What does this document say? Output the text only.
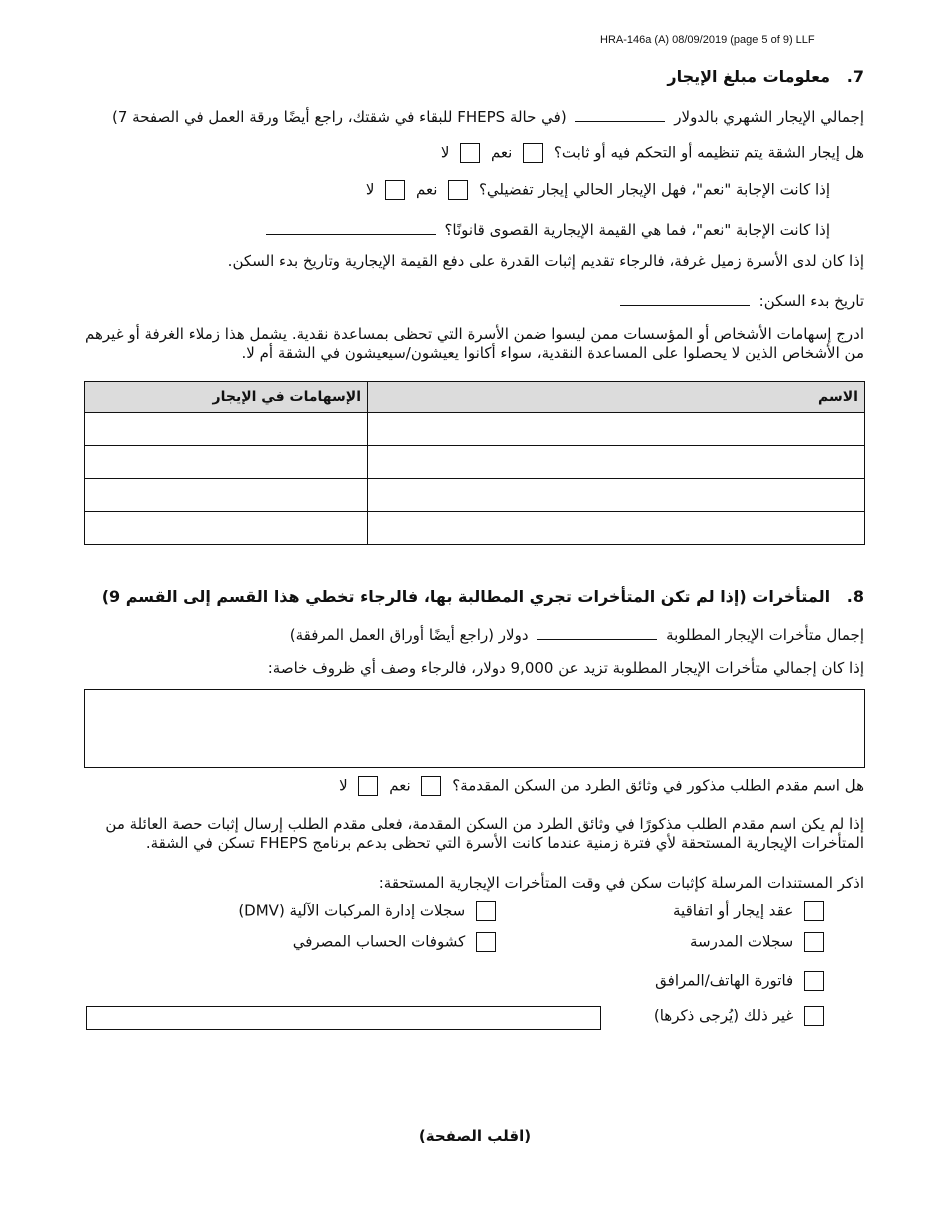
HRA-146a (A) 08/09/2019 (page 5 of 9) LLF
7.   معلومات مبلغ الإيجار
إجمالي الإيجار الشهري بالدولار  (في حالة FHEPS للبقاء في شقتك، راجع أيضًا ورقة العمل في الصفحة 7)
هل إيجار الشقة يتم تنظيمه أو التحكم فيه أو ثابت؟  نعم  لا
إذا كانت الإجابة "نعم"، فهل الإيجار الحالي إيجار تفضيلي؟  نعم  لا
إذا كانت الإجابة "نعم"، فما هي القيمة الإيجارية القصوى قانونًا؟
إذا كان لدى الأسرة زميل غرفة، فالرجاء تقديم إثبات القدرة على دفع القيمة الإيجارية وتاريخ بدء السكن.
تاريخ بدء السكن:
ادرج إسهامات الأشخاص أو المؤسسات ممن ليسوا ضمن الأسرة التي تحظى بمساعدة نقدية. يشمل هذا زملاء الغرفة أو غيرهم من الأشخاص الذين لا يحصلوا على المساعدة النقدية، سواء أكانوا يعيشون/سيعيشون في الشقة أم لا.
الاسم	الإسهامات في الإيجار

8.   المتأخرات (إذا لم تكن المتأخرات تجري المطالبة بها، فالرجاء تخطي هذا القسم إلى القسم 9)
إجمال متأخرات الإيجار المطلوبة  دولار (راجع أيضًا أوراق العمل المرفقة)
إذا كان إجمالي متأخرات الإيجار المطلوبة تزيد عن 9,000 دولار، فالرجاء وصف أي ظروف خاصة:
هل اسم مقدم الطلب مذكور في وثائق الطرد من السكن المقدمة؟  نعم  لا
إذا لم يكن اسم مقدم الطلب مذكورًا في وثائق الطرد من السكن المقدمة، فعلى مقدم الطلب إرسال إثبات حصة العائلة من المتأخرات الإيجارية المستحقة لأي فترة زمنية عندما كانت الأسرة التي تحظى بدعم برنامج FHEPS تسكن في الشقة.
اذكر المستندات المرسلة كإثبات سكن في وقت المتأخرات الإيجارية المستحقة:
عقد إيجار أو اتفاقية
سجلات المدرسة
فاتورة الهاتف/المرافق
غير ذلك (يُرجى ذكرها)
سجلات إدارة المركبات الآلية (DMV)
كشوفات الحساب المصرفي
(اقلب الصفحة)
